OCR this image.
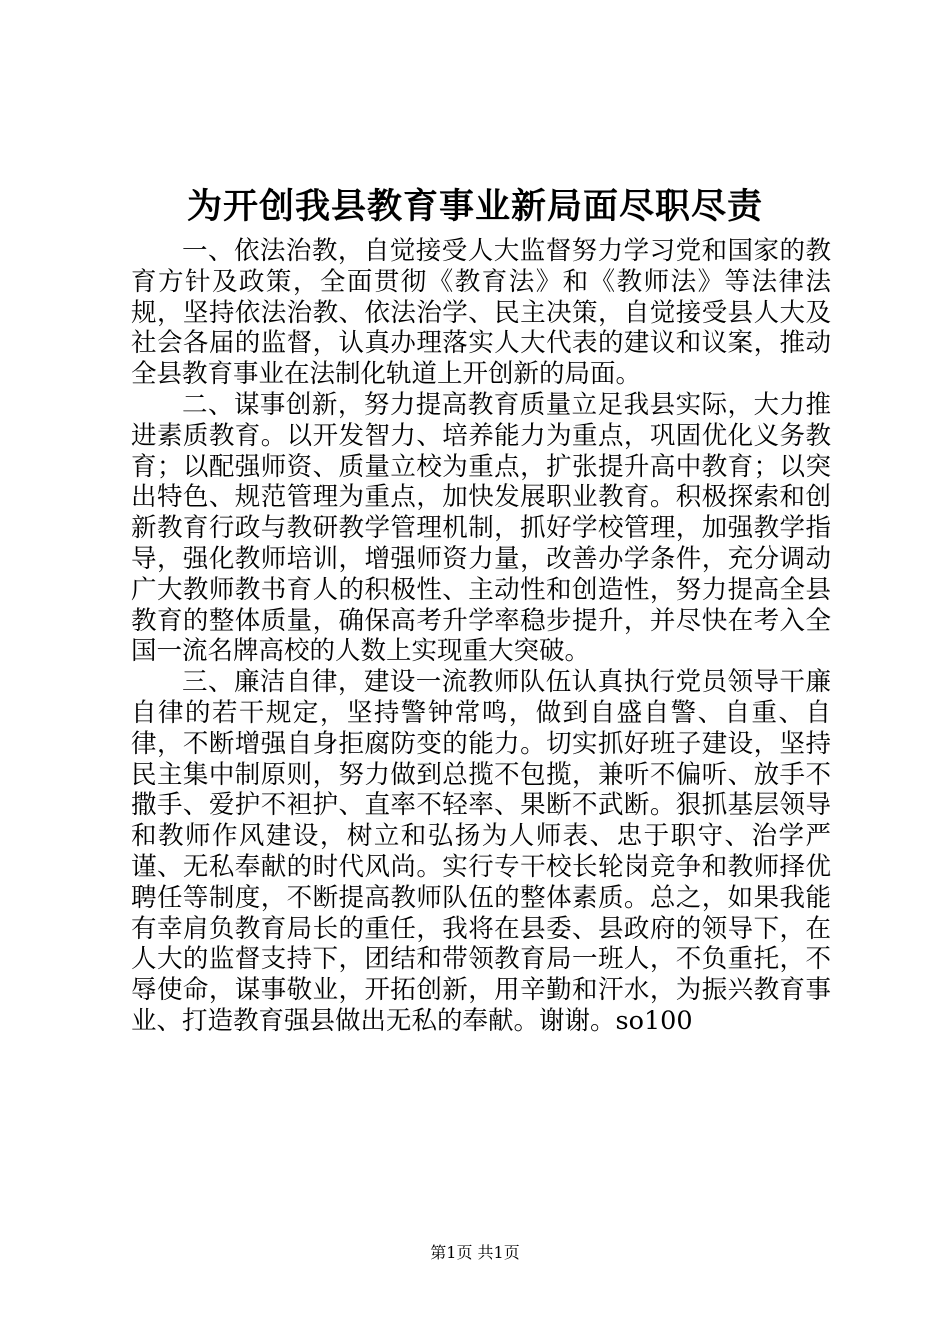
为开创我县教育事业新局面尽职尽责

一、依法治教，自觉接受人大监督努力学习党和国家的教育方针及政策，全面贯彻《教育法》和《教师法》等法律法规，坚持依法治教、依法治学、民主决策，自觉接受县人大及社会各届的监督，认真办理落实人大代表的建议和议案，推动全县教育事业在法制化轨道上开创新的局面。

二、谋事创新，努力提高教育质量立足我县实际，大力推进素质教育。以开发智力、培养能力为重点，巩固优化义务教育；以配强师资、质量立校为重点，扩张提升高中教育；以突出特色、规范管理为重点，加快发展职业教育。积极探索和创新教育行政与教研教学管理机制，抓好学校管理，加强教学指导，强化教师培训，增强师资力量，改善办学条件，充分调动广大教师教书育人的积极性、主动性和创造性，努力提高全县教育的整体质量，确保高考升学率稳步提升，并尽快在考入全国一流名牌高校的人数上实现重大突破。

三、廉洁自律，建设一流教师队伍认真执行党员领导干廉自律的若干规定，坚持警钟常鸣，做到自盛自警、自重、自律，不断增强自身拒腐防变的能力。切实抓好班子建设，坚持民主集中制原则，努力做到总揽不包揽，兼听不偏听、放手不撒手、爱护不袒护、直率不轻率、果断不武断。狠抓基层领导和教师作风建设，树立和弘扬为人师表、忠于职守、治学严谨、无私奉献的时代风尚。实行专干校长轮岗竞争和教师择优聘任等制度，不断提高教师队伍的整体素质。总之，如果我能有幸肩负教育局长的重任，我将在县委、县政府的领导下，在人大的监督支持下，团结和带领教育局一班人，不负重托，不辱使命，谋事敬业，开拓创新，用辛勤和汗水，为振兴教育事业、打造教育强县做出无私的奉献。谢谢。so100

第1页 共1页
